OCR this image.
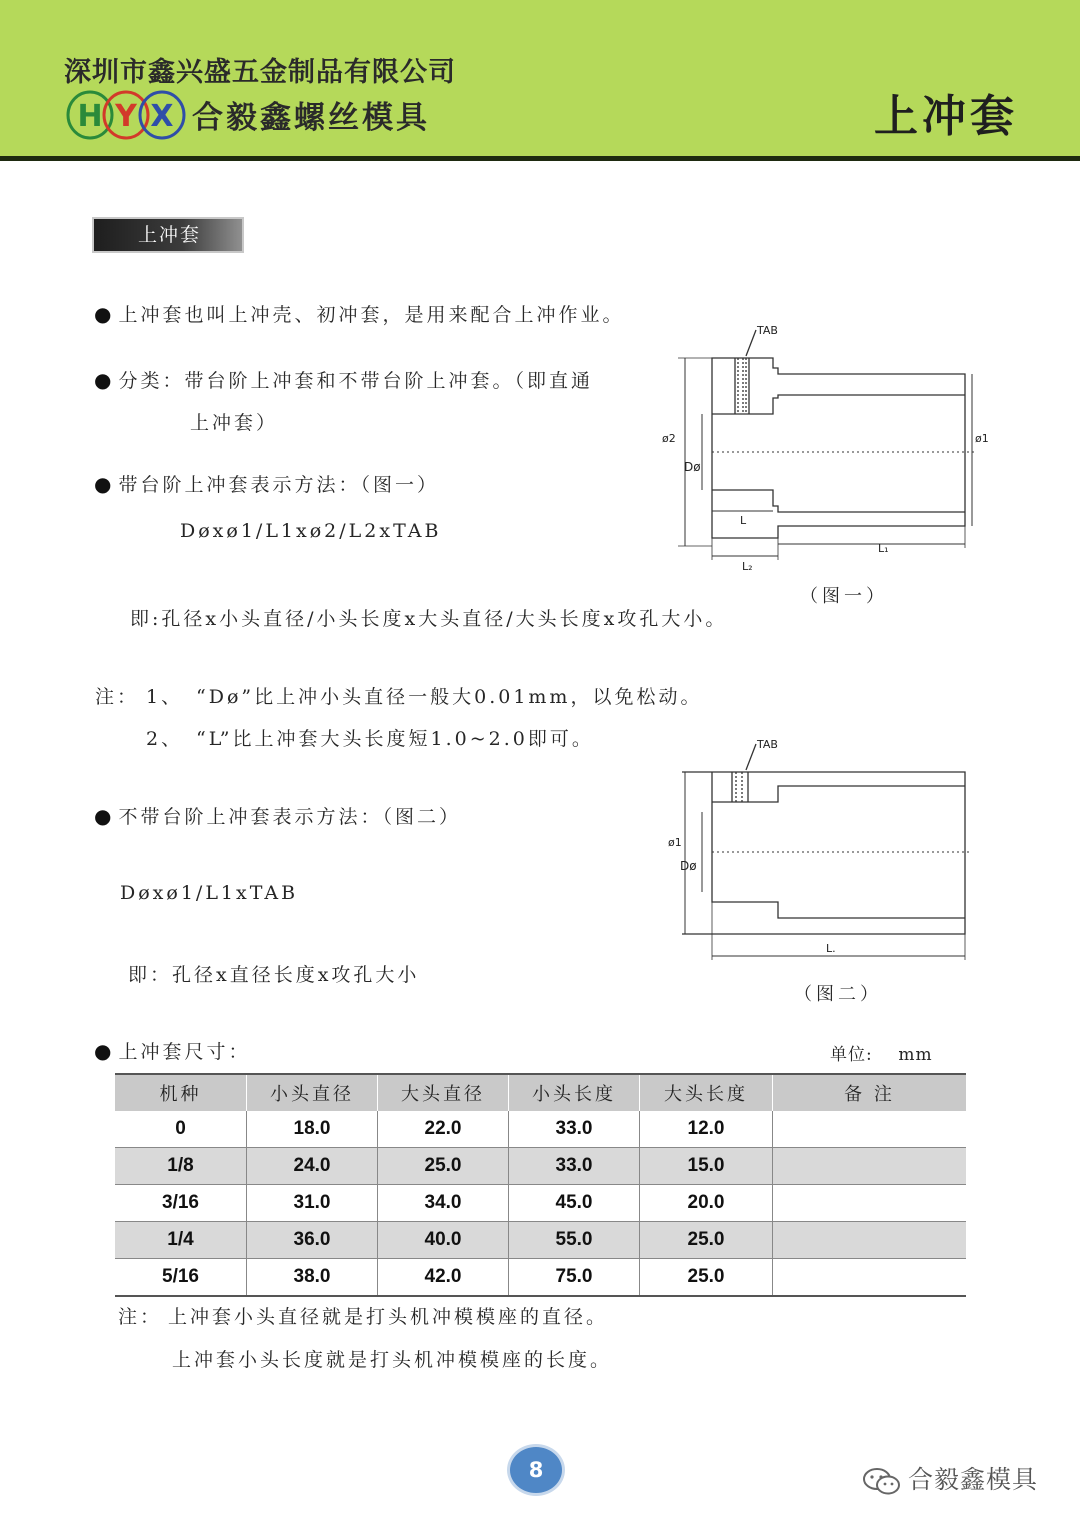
深圳市鑫兴盛五金制品有限公司
H Y X 合毅鑫螺丝模具	上冲套
上冲套
● 上冲套也叫上冲壳、初冲套，是用来配合上冲作业。
● 分类：带台阶上冲套和不带台阶上冲套。（即直通
上冲套）
● 带台阶上冲套表示方法：（图一）
Døxø1/L1xø2/L2xTAB
即:孔径x小头直径/小头长度x大头直径/大头长度x攻孔大小。
注： 1、 “Dø”比上冲小头直径一般大0.01mm，以免松动。
2、 “L”比上冲套大头长度短1.0~2.0即可。
● 不带台阶上冲套表示方法：（图二）
Døxø1/L1xTAB
即：孔径x直径长度x攻孔大小
TAB
ø2
Dø
ø1
L
L₁
L₂
（图一）
TAB
ø1
Dø
L.
（图二）
● 上冲套尺寸：	单位: mm
机种	小头直径	大头直径	小头长度	大头长度	备 注
0	18.0	22.0	33.0	12.0	
1/8	24.0	25.0	33.0	15.0	
3/16	31.0	34.0	45.0	20.0	
1/4	36.0	40.0	55.0	25.0	
5/16	38.0	42.0	75.0	25.0	
注： 上冲套小头直径就是打头机冲模模座的直径。
上冲套小头长度就是打头机冲模模座的长度。
8	合毅鑫模具
